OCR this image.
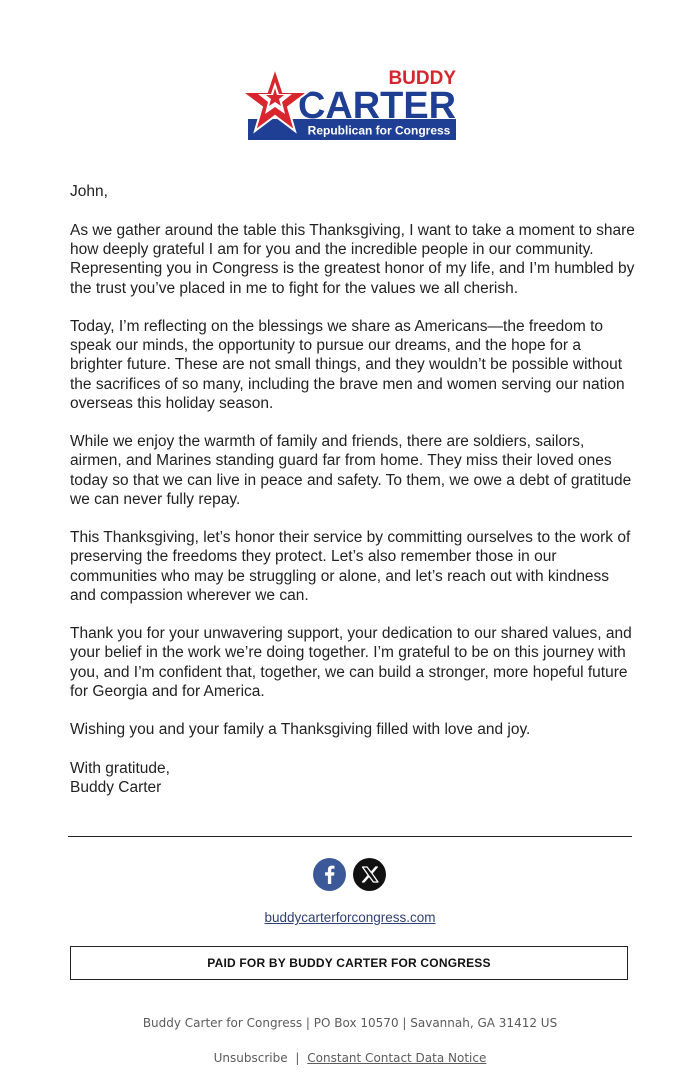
Republican for Congress
BUDDY
CARTER

John,

As we gather around the table this Thanksgiving, I want to take a moment to share how deeply grateful I am for you and the incredible people in our community. Representing you in Congress is the greatest honor of my life, and I’m humbled by the trust you’ve placed in me to fight for the values we all cherish.

Today, I’m reflecting on the blessings we share as Americans—the freedom to speak our minds, the opportunity to pursue our dreams, and the hope for a brighter future. These are not small things, and they wouldn’t be possible without the sacrifices of so many, including the brave men and women serving our nation overseas this holiday season.

While we enjoy the warmth of family and friends, there are soldiers, sailors, airmen, and Marines standing guard far from home. They miss their loved ones today so that we can live in peace and safety. To them, we owe a debt of gratitude we can never fully repay.

This Thanksgiving, let’s honor their service by committing ourselves to the work of preserving the freedoms they protect. Let’s also remember those in our communities who may be struggling or alone, and let’s reach out with kindness and compassion wherever we can.

Thank you for your unwavering support, your dedication to our shared values, and your belief in the work we’re doing together. I’m grateful to be on this journey with you, and I’m confident that, together, we can build a stronger, more hopeful future for Georgia and for America.

Wishing you and your family a Thanksgiving filled with love and joy.

With gratitude,

Buddy Carter

buddycarterforcongress.com
PAID FOR BY BUDDY CARTER FOR CONGRESS
Buddy Carter for Congress | PO Box 10570 | Savannah, GA 31412 US
Unsubscribe | Constant Contact Data Notice
